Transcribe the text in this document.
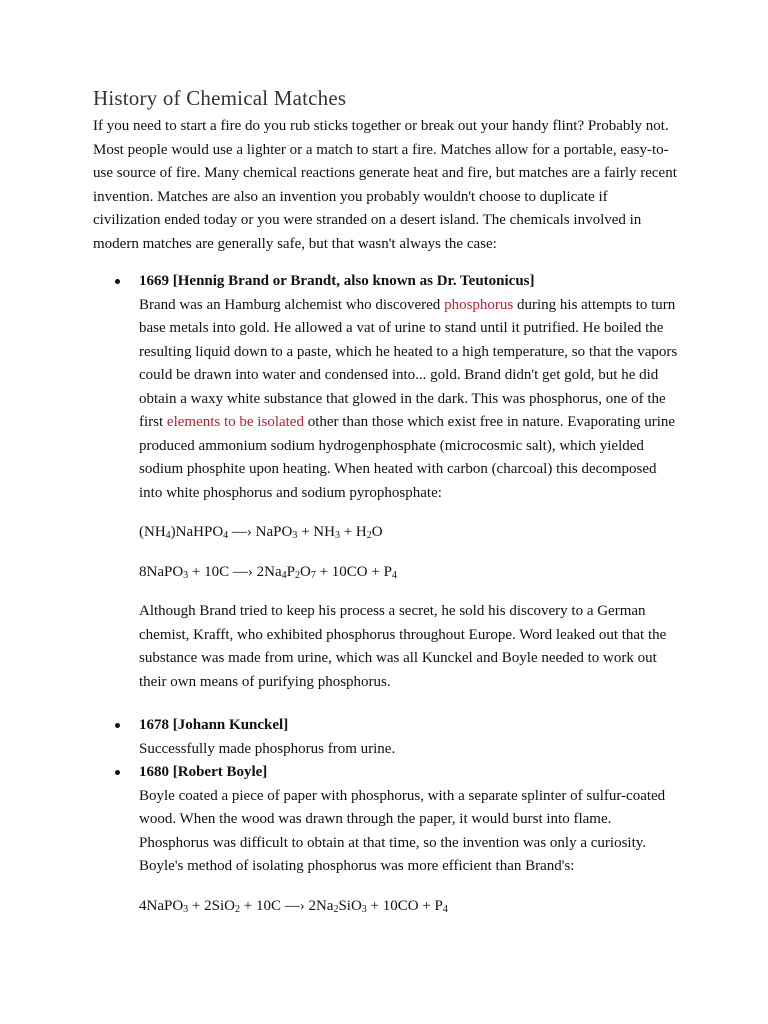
History of Chemical Matches

If you need to start a fire do you rub sticks together or break out your handy flint? Probably not. Most people would use a lighter or a match to start a fire. Matches allow for a portable, easy-to-use source of fire. Many chemical reactions generate heat and fire, but matches are a fairly recent invention. Matches are also an invention you probably wouldn't choose to duplicate if civilization ended today or you were stranded on a desert island. The chemicals involved in modern matches are generally safe, but that wasn't always the case:

1669 [Hennig Brand or Brandt, also known as Dr. Teutonicus]

Brand was an Hamburg alchemist who discovered phosphorus during his attempts to turn base metals into gold. He allowed a vat of urine to stand until it putrified. He boiled the resulting liquid down to a paste, which he heated to a high temperature, so that the vapors could be drawn into water and condensed into... gold. Brand didn't get gold, but he did obtain a waxy white substance that glowed in the dark. This was phosphorus, one of the first elements to be isolated other than those which exist free in nature. Evaporating urine produced ammonium sodium hydrogenphosphate (microcosmic salt), which yielded sodium phosphite upon heating. When heated with carbon (charcoal) this decomposed into white phosphorus and sodium pyrophosphate:

$(NH_4)NaHPO_4$ —› NaPO$_3$ + $NH_3 + H_2O$

8NaPO$_3$ + 10C —› $2Na_4P_2O_7 + 10CO + P_4$

Although Brand tried to keep his process a secret, he sold his discovery to a German chemist, Krafft, who exhibited phosphorus throughout Europe. Word leaked out that the substance was made from urine, which was all Kunckel and Boyle needed to work out their own means of purifying phosphorus.

1678 [Johann Kunckel]

Successfully made phosphorus from urine.

1680 [Robert Boyle]

Boyle coated a piece of paper with phosphorus, with a separate splinter of sulfur-coated wood. When the wood was drawn through the paper, it would burst into flame. Phosphorus was difficult to obtain at that time, so the invention was only a curiosity. Boyle's method of isolating phosphorus was more efficient than Brand's:

4NaPO$_3$ + 2SiO$_2$ + 10C —› $2Na_2SiO_3 + 10CO + P_4$
